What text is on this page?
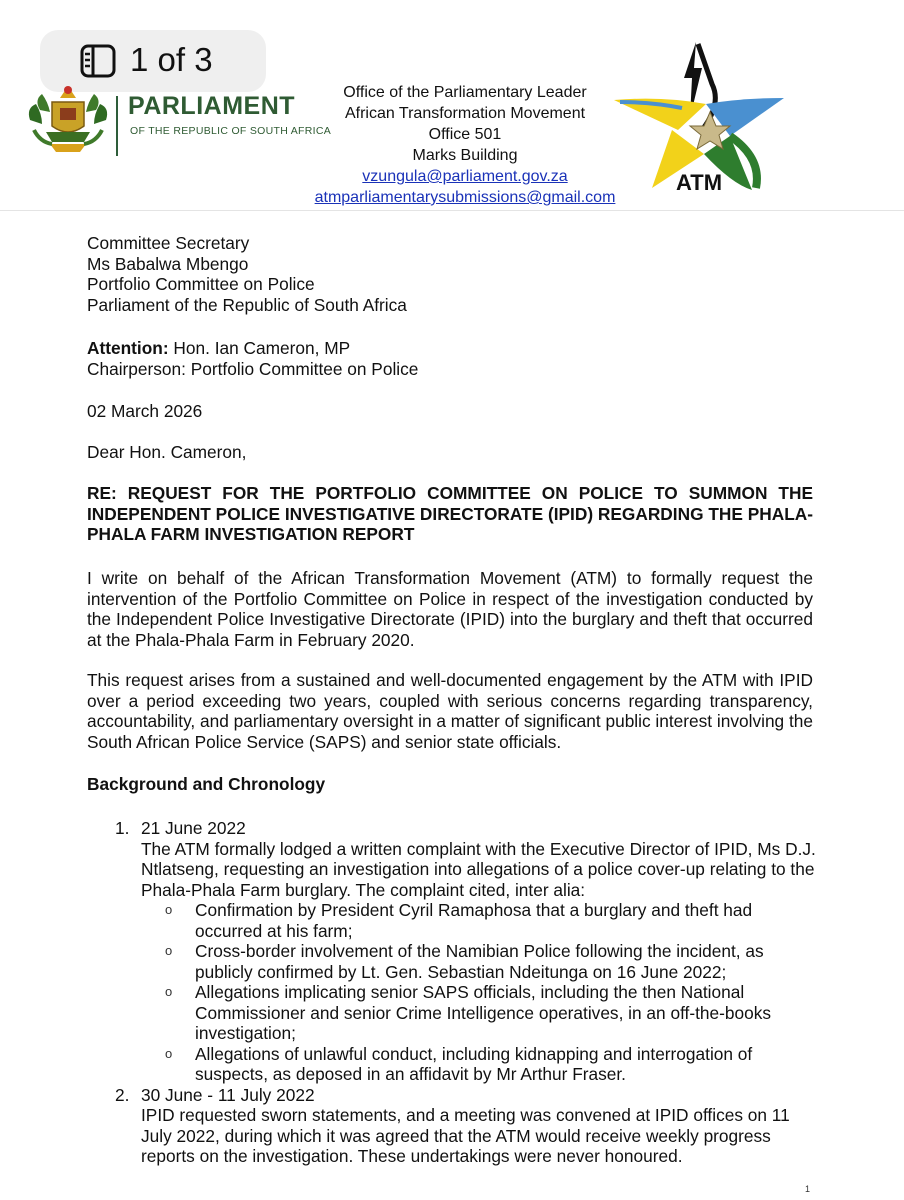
1 of 3
PARLIAMENT
OF THE REPUBLIC OF SOUTH AFRICA
Office of the Parliamentary Leader
African Transformation Movement
Office 501
Marks Building
vzungula@parliament.gov.za
atmparliamentarysubmissions@gmail.com
ATM
Committee Secretary
Ms Babalwa Mbengo
Portfolio Committee on Police
Parliament of the Republic of South Africa
Attention: Hon. Ian Cameron, MP
Chairperson: Portfolio Committee on Police
02 March 2026
Dear Hon. Cameron,
RE: REQUEST FOR THE PORTFOLIO COMMITTEE ON POLICE TO SUMMON THE INDEPENDENT POLICE INVESTIGATIVE DIRECTORATE (IPID) REGARDING THE PHALA-PHALA FARM INVESTIGATION REPORT
I write on behalf of the African Transformation Movement (ATM) to formally request the intervention of the Portfolio Committee on Police in respect of the investigation conducted by the Independent Police Investigative Directorate (IPID) into the burglary and theft that occurred at the Phala-Phala Farm in February 2020.
This request arises from a sustained and well-documented engagement by the ATM with IPID over a period exceeding two years, coupled with serious concerns regarding transparency, accountability, and parliamentary oversight in a matter of significant public interest involving the South African Police Service (SAPS) and senior state officials.
Background and Chronology
1. 21 June 2022
The ATM formally lodged a written complaint with the Executive Director of IPID, Ms D.J. Ntlatseng, requesting an investigation into allegations of a police cover-up relating to the Phala-Phala Farm burglary. The complaint cited, inter alia:
o Confirmation by President Cyril Ramaphosa that a burglary and theft had occurred at his farm;
o Cross-border involvement of the Namibian Police following the incident, as publicly confirmed by Lt. Gen. Sebastian Ndeitunga on 16 June 2022;
o Allegations implicating senior SAPS officials, including the then National Commissioner and senior Crime Intelligence operatives, in an off-the-books investigation;
o Allegations of unlawful conduct, including kidnapping and interrogation of suspects, as deposed in an affidavit by Mr Arthur Fraser.
2. 30 June - 11 July 2022
IPID requested sworn statements, and a meeting was convened at IPID offices on 11 July 2022, during which it was agreed that the ATM would receive weekly progress reports on the investigation. These undertakings were never honoured.
1
